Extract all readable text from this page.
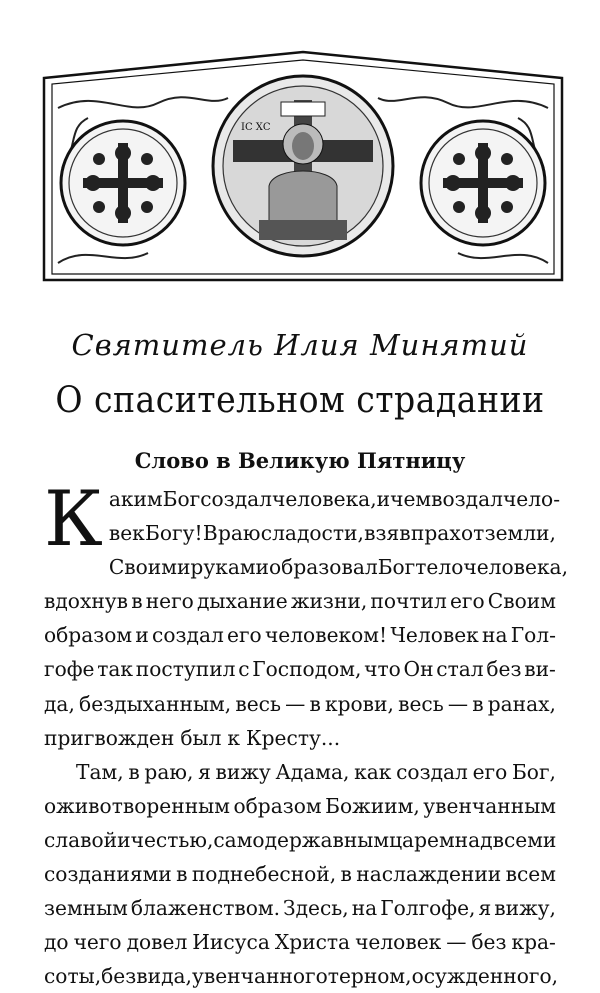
ΙС ХС
Святитель Илия Минятий
О спасительном страдании
Слово в Великую Пятницу
К аким Бог создал человека, и чем воздал чело-
век Богу! В раю сладости, взяв прах от земли,
Своими руками образовал Бог тело человека,
вдохнув в него дыхание жизни, почтил его Своим
образом и создал его человеком! Человек на Гол-
гофе так поступил с Господом, что Он стал без ви-
да, бездыханным, весь — в крови, весь — в ранах,
пригвожден был к Кресту...
Там, в раю, я вижу Адама, как создал его Бог,
оживотворенным образом Божиим, увенчанным
славой и честью, самодержавным царем над всеми
созданиями в поднебесной, в наслаждении всем
земным блаженством. Здесь, на Голгофе, я вижу,
до чего довел Иисуса Христа человек — без кра-
соты, без вида, увенчанного терном, осужденного,
